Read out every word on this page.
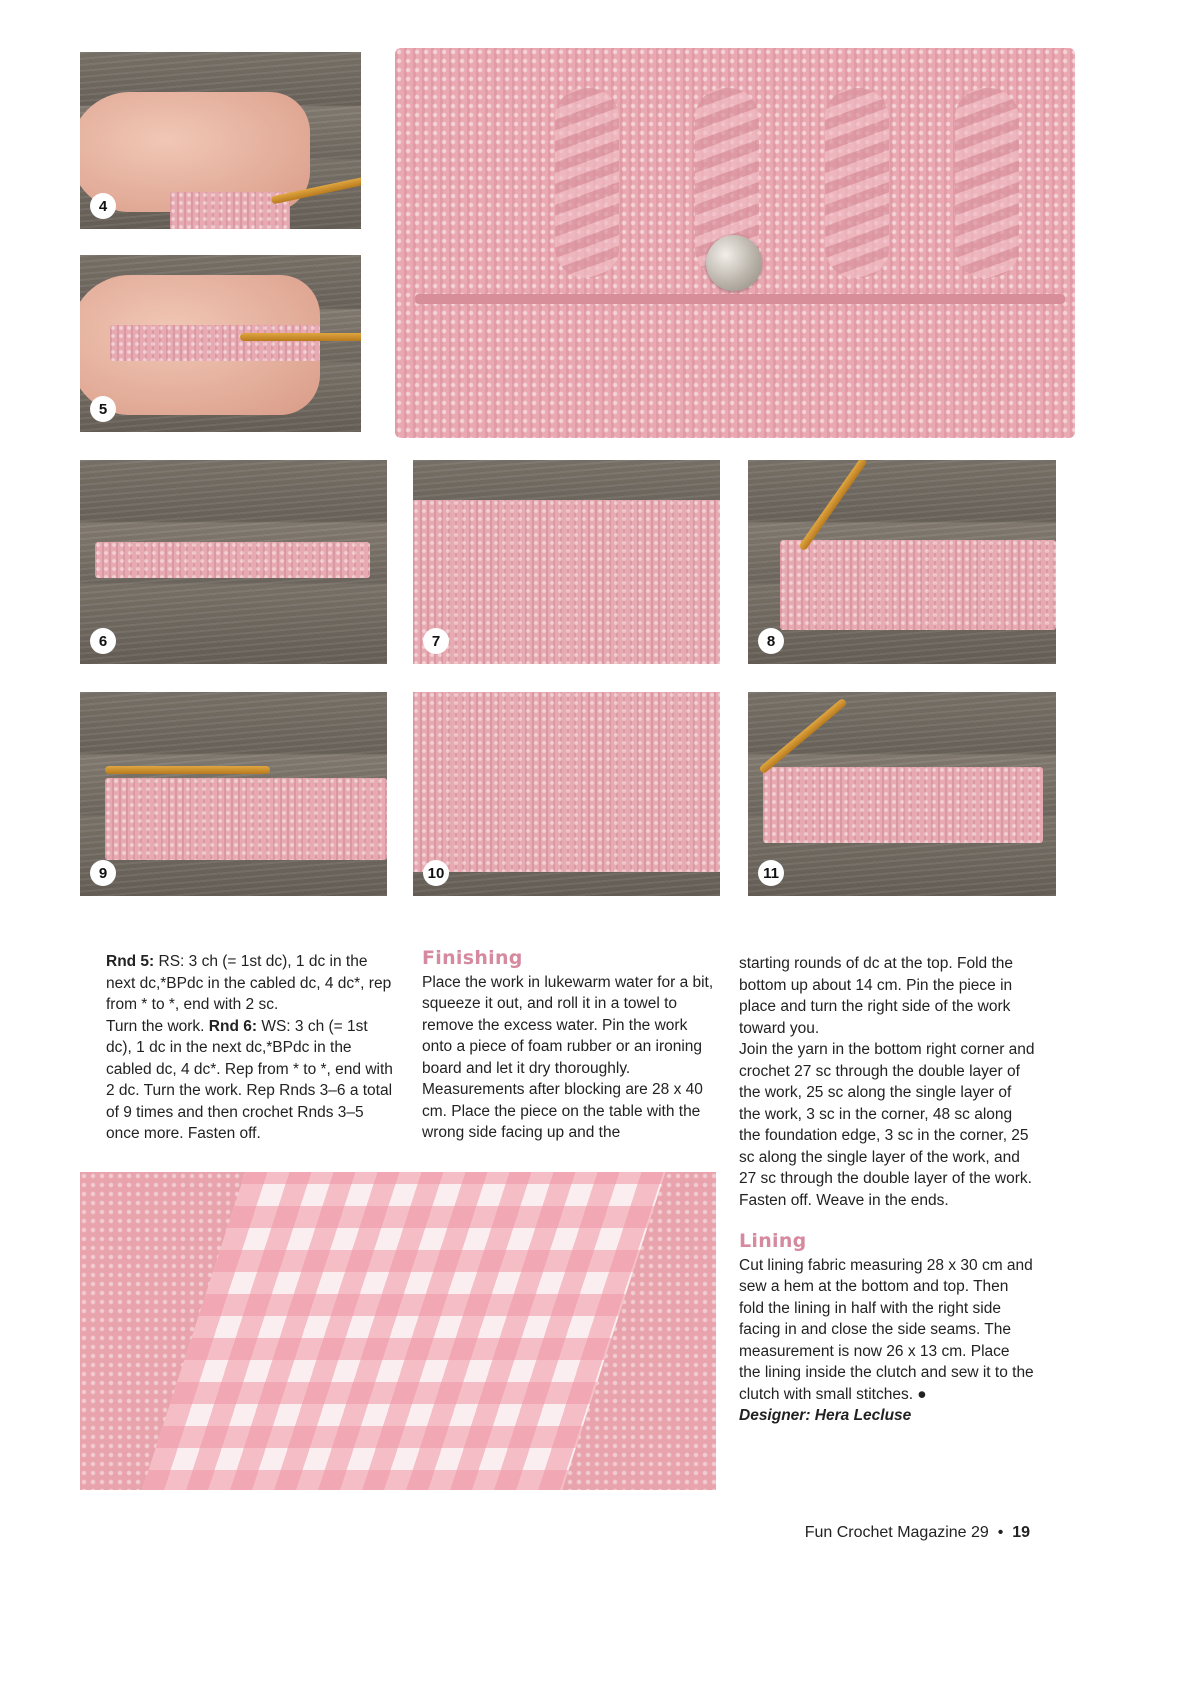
4
5
6	7	8
9	10	11

Rnd 5: RS: 3 ch (= 1st dc), 1 dc in the next dc,*BPdc in the cabled dc, 4 dc*, rep from * to *, end with 2 sc.

Turn the work. Rnd 6: WS: 3 ch (= 1st dc), 1 dc in the next dc,*BPdc in the cabled dc, 4 dc*. Rep from * to *, end with 2 dc. Turn the work. Rep Rnds 3–6 a total of 9 times and then crochet Rnds 3–5 once more. Fasten off.

Finishing

Place the work in lukewarm water for a bit, squeeze it out, and roll it in a towel to remove the excess water. Pin the work onto a piece of foam rubber or an ironing board and let it dry thoroughly. Measurements after blocking are 28 x 40 cm. Place the piece on the table with the wrong side facing up and the

starting rounds of dc at the top. Fold the bottom up about 14 cm. Pin the piece in place and turn the right side of the work toward you.

Join the yarn in the bottom right corner and crochet 27 sc through the double layer of the work, 25 sc along the single layer of the work, 3 sc in the corner, 48 sc along the foundation edge, 3 sc in the corner, 25 sc along the single layer of the work, and 27 sc through the double layer of the work. Fasten off. Weave in the ends.

Lining

Cut lining fabric measuring 28 x 30 cm and sew a hem at the bottom and top. Then fold the lining in half with the right side facing in and close the side seams. The measurement is now 26 x 13 cm. Place the lining inside the clutch and sew it to the clutch with small stitches. ●

Designer: Hera Lecluse

Fun Crochet Magazine 29 • 19
